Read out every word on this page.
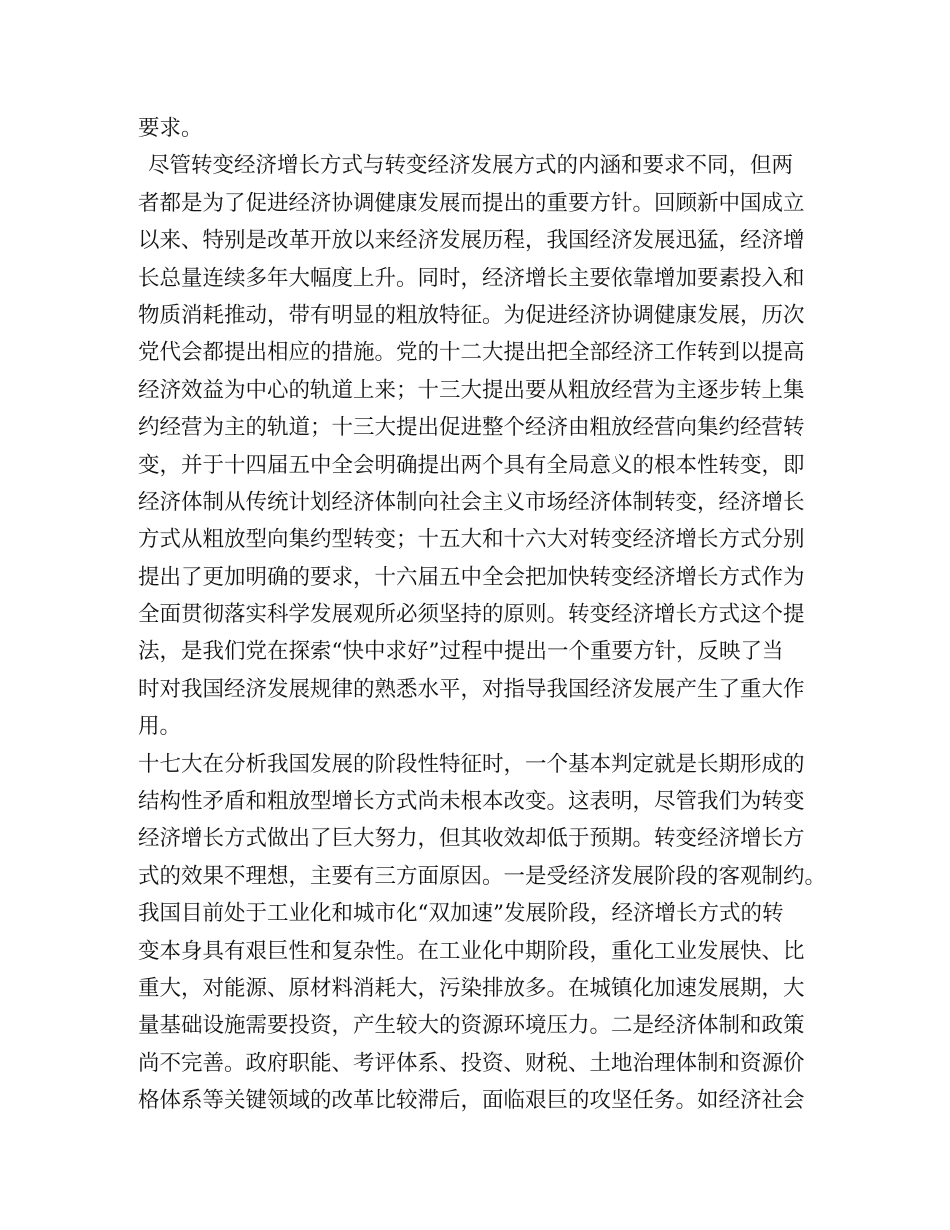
要求。
尽管转变经济增长方式与转变经济发展方式的内涵和要求不同，但两
者都是为了促进经济协调健康发展而提出的重要方针。回顾新中国成立
以来、特别是改革开放以来经济发展历程，我国经济发展迅猛，经济增
长总量连续多年大幅度上升。同时，经济增长主要依靠增加要素投入和
物质消耗推动，带有明显的粗放特征。为促进经济协调健康发展，历次
党代会都提出相应的措施。党的十二大提出把全部经济工作转到以提高
经济效益为中心的轨道上来；十三大提出要从粗放经营为主逐步转上集
约经营为主的轨道；十三大提出促进整个经济由粗放经营向集约经营转
变，并于十四届五中全会明确提出两个具有全局意义的根本性转变，即
经济体制从传统计划经济体制向社会主义市场经济体制转变，经济增长
方式从粗放型向集约型转变；十五大和十六大对转变经济增长方式分别
提出了更加明确的要求，十六届五中全会把加快转变经济增长方式作为
全面贯彻落实科学发展观所必须坚持的原则。转变经济增长方式这个提
法，是我们党在探索“快中求好”过程中提出一个重要方针，反映了当
时对我国经济发展规律的熟悉水平，对指导我国经济发展产生了重大作
用。
十七大在分析我国发展的阶段性特征时，一个基本判定就是长期形成的
结构性矛盾和粗放型增长方式尚未根本改变。这表明，尽管我们为转变
经济增长方式做出了巨大努力，但其收效却低于预期。转变经济增长方
式的效果不理想，主要有三方面原因。一是受经济发展阶段的客观制约。
我国目前处于工业化和城市化“双加速”发展阶段，经济增长方式的转
变本身具有艰巨性和复杂性。在工业化中期阶段，重化工业发展快、比
重大，对能源、原材料消耗大，污染排放多。在城镇化加速发展期，大
量基础设施需要投资，产生较大的资源环境压力。二是经济体制和政策
尚不完善。政府职能、考评体系、投资、财税、土地治理体制和资源价
格体系等关键领域的改革比较滞后，面临艰巨的攻坚任务。如经济社会
